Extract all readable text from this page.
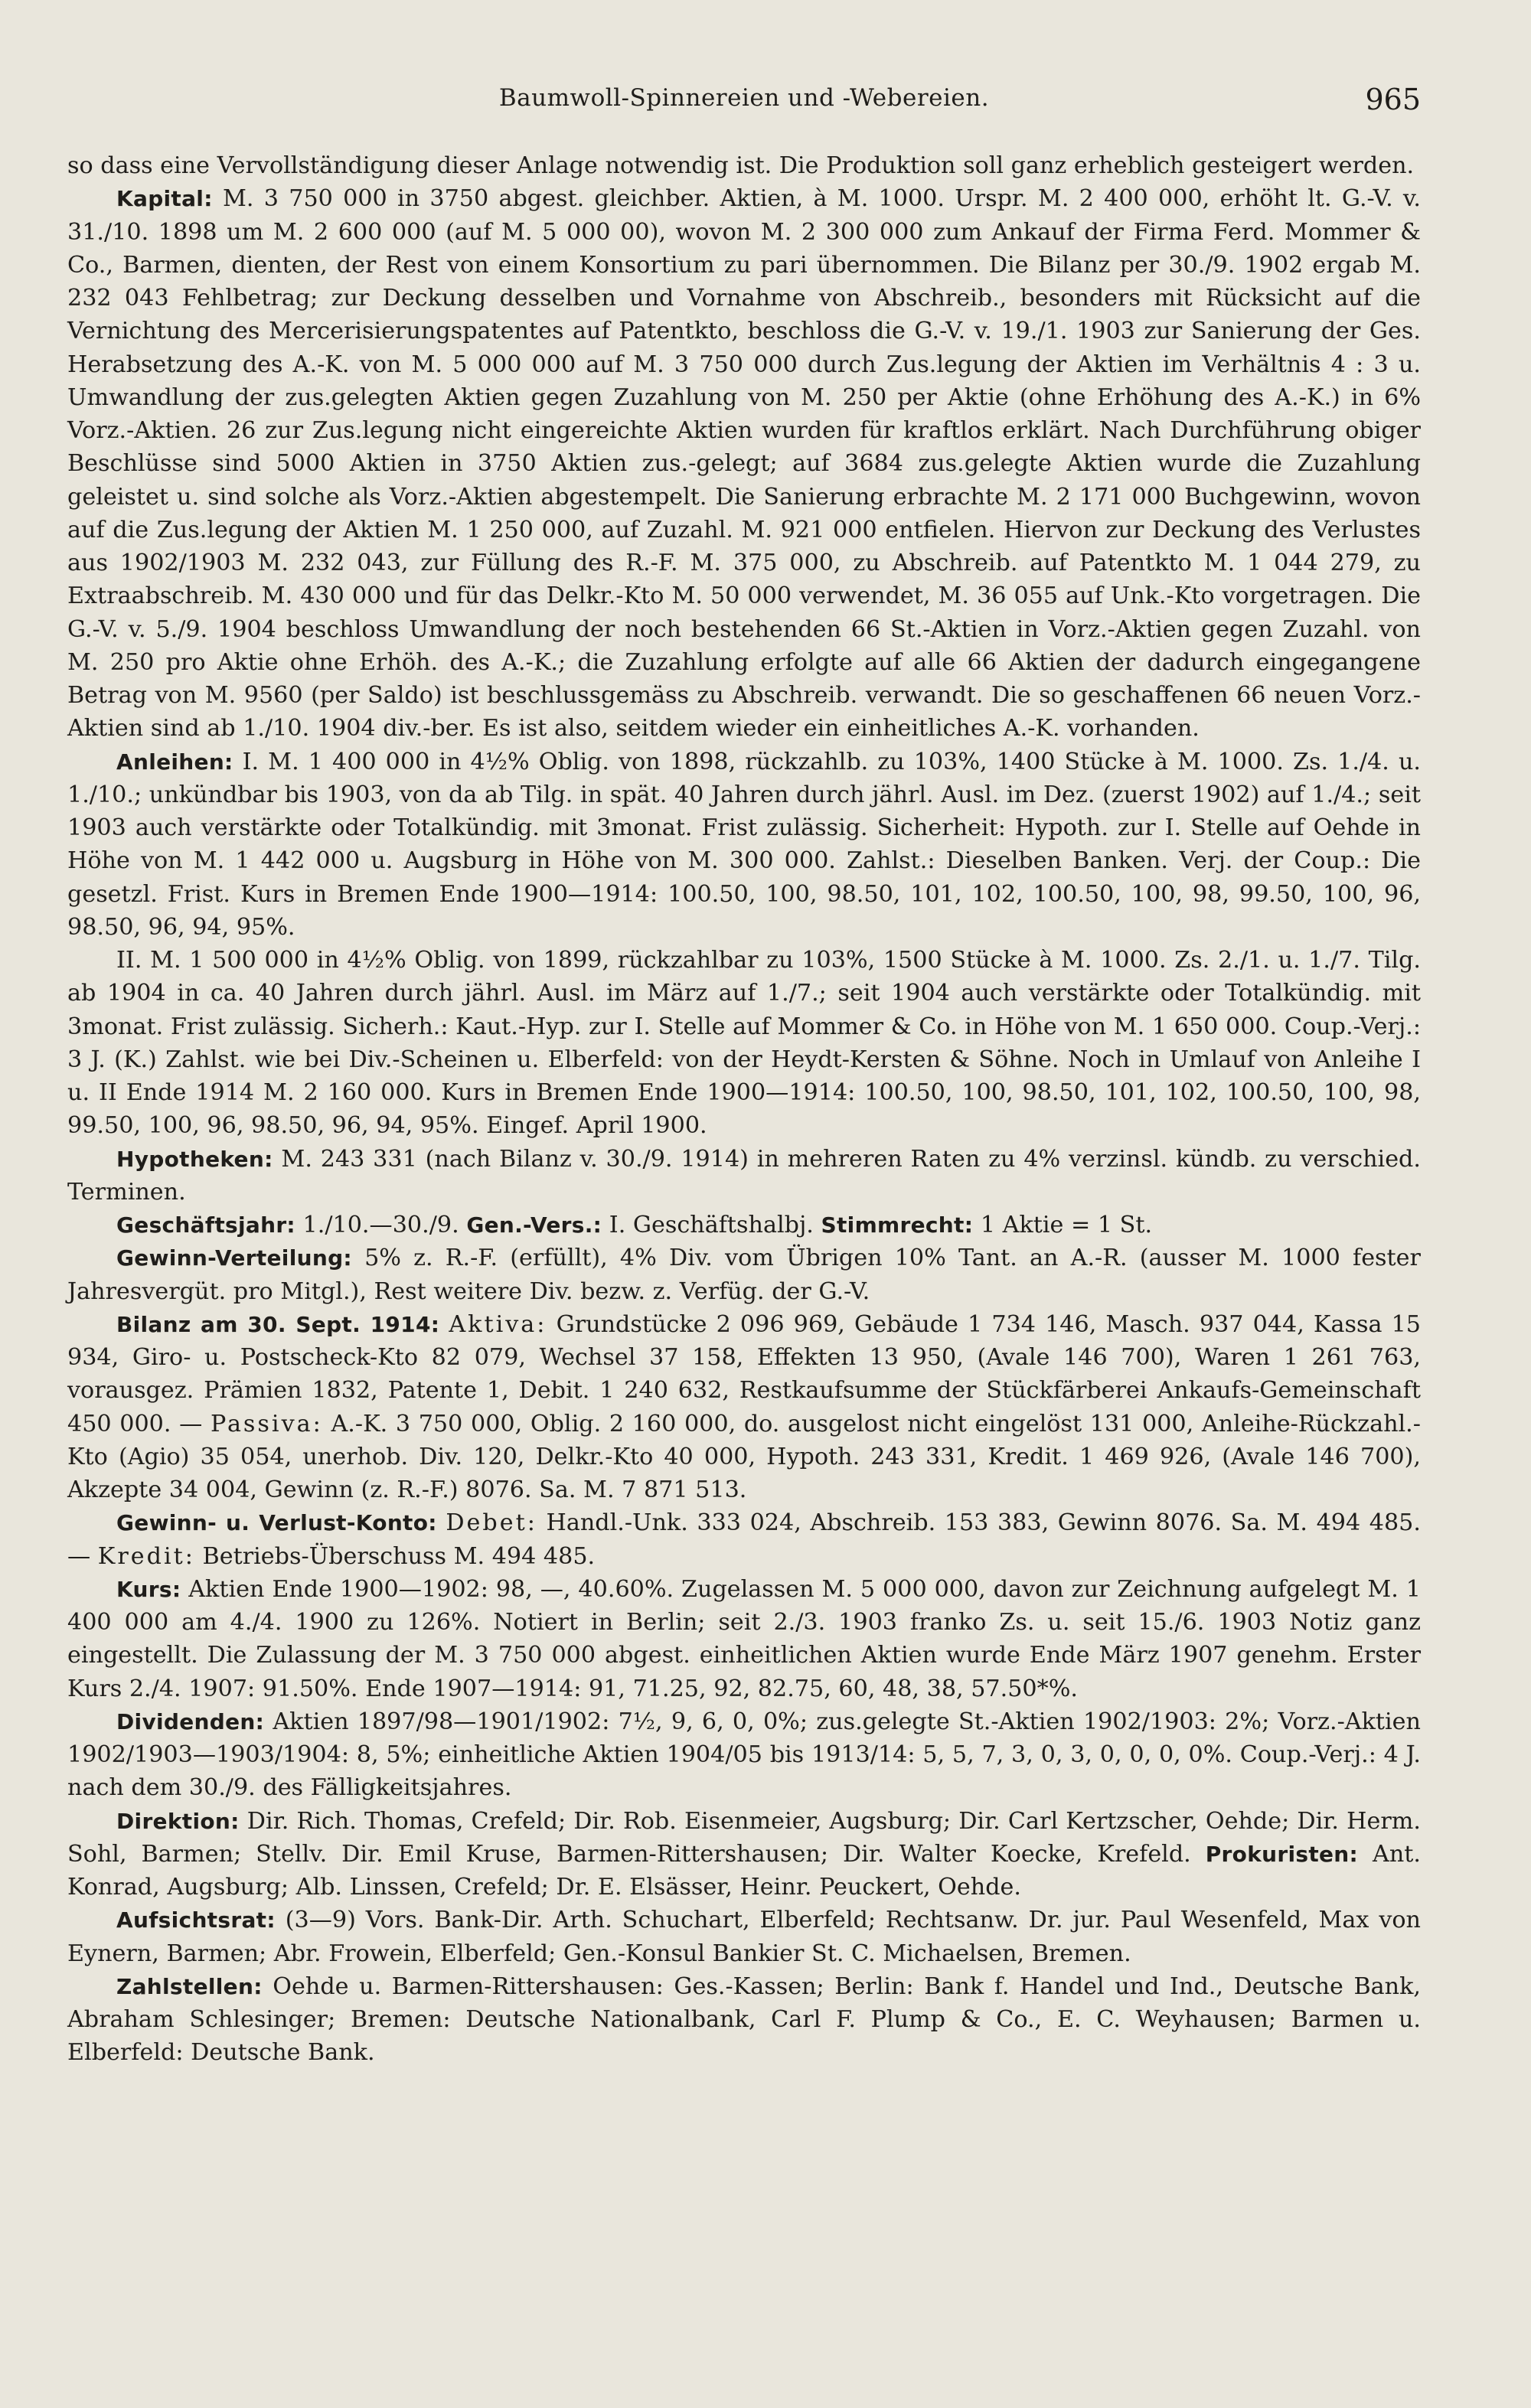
Baumwoll-Spinnereien und -Webereien.	965

so dass eine Vervollständigung dieser Anlage notwendig ist. Die Produktion soll ganz erheblich gesteigert werden.

Kapital: M. 3 750 000 in 3750 abgest. gleichber. Aktien, à M. 1000. Urspr. M. 2 400 000, erhöht lt. G.-V. v. 31./10. 1898 um M. 2 600 000 (auf M. 5 000 00), wovon M. 2 300 000 zum Ankauf der Firma Ferd. Mommer & Co., Barmen, dienten, der Rest von einem Konsortium zu pari übernommen. Die Bilanz per 30./9. 1902 ergab M. 232 043 Fehlbetrag; zur Deckung desselben und Vornahme von Abschreib., besonders mit Rücksicht auf die Vernichtung des Mercerisierungspatentes auf Patentkto, beschloss die G.-V. v. 19./1. 1903 zur Sanierung der Ges. Herabsetzung des A.-K. von M. 5 000 000 auf M. 3 750 000 durch Zus.legung der Aktien im Verhältnis 4 : 3 u. Umwandlung der zus.gelegten Aktien gegen Zuzahlung von M. 250 per Aktie (ohne Erhöhung des A.-K.) in 6% Vorz.-Aktien. 26 zur Zus.legung nicht eingereichte Aktien wurden für kraftlos erklärt. Nach Durchführung obiger Beschlüsse sind 5000 Aktien in 3750 Aktien zus.-gelegt; auf 3684 zus.gelegte Aktien wurde die Zuzahlung geleistet u. sind solche als Vorz.-Aktien abgestempelt. Die Sanierung erbrachte M. 2 171 000 Buchgewinn, wovon auf die Zus.legung der Aktien M. 1 250 000, auf Zuzahl. M. 921 000 entfielen. Hiervon zur Deckung des Verlustes aus 1902/1903 M. 232 043, zur Füllung des R.-F. M. 375 000, zu Abschreib. auf Patentkto M. 1 044 279, zu Extraabschreib. M. 430 000 und für das Delkr.-Kto M. 50 000 verwendet, M. 36 055 auf Unk.-Kto vorgetragen. Die G.-V. v. 5./9. 1904 beschloss Umwandlung der noch bestehenden 66 St.-Aktien in Vorz.-Aktien gegen Zuzahl. von M. 250 pro Aktie ohne Erhöh. des A.-K.; die Zuzahlung erfolgte auf alle 66 Aktien der dadurch eingegangene Betrag von M. 9560 (per Saldo) ist beschlussgemäss zu Abschreib. verwandt. Die so geschaffenen 66 neuen Vorz.-Aktien sind ab 1./10. 1904 div.-ber. Es ist also, seitdem wieder ein einheitliches A.-K. vorhanden.

Anleihen: I. M. 1 400 000 in 4½% Oblig. von 1898, rückzahlb. zu 103%, 1400 Stücke à M. 1000. Zs. 1./4. u. 1./10.; unkündbar bis 1903, von da ab Tilg. in spät. 40 Jahren durch jährl. Ausl. im Dez. (zuerst 1902) auf 1./4.; seit 1903 auch verstärkte oder Totalkündig. mit 3monat. Frist zulässig. Sicherheit: Hypoth. zur I. Stelle auf Oehde in Höhe von M. 1 442 000 u. Augsburg in Höhe von M. 300 000. Zahlst.: Dieselben Banken. Verj. der Coup.: Die gesetzl. Frist. Kurs in Bremen Ende 1900—1914: 100.50, 100, 98.50, 101, 102, 100.50, 100, 98, 99.50, 100, 96, 98.50, 96, 94, 95%.

II. M. 1 500 000 in 4½% Oblig. von 1899, rückzahlbar zu 103%, 1500 Stücke à M. 1000. Zs. 2./1. u. 1./7. Tilg. ab 1904 in ca. 40 Jahren durch jährl. Ausl. im März auf 1./7.; seit 1904 auch verstärkte oder Totalkündig. mit 3monat. Frist zulässig. Sicherh.: Kaut.-Hyp. zur I. Stelle auf Mommer & Co. in Höhe von M. 1 650 000. Coup.-Verj.: 3 J. (K.) Zahlst. wie bei Div.-Scheinen u. Elberfeld: von der Heydt-Kersten & Söhne. Noch in Umlauf von Anleihe I u. II Ende 1914 M. 2 160 000. Kurs in Bremen Ende 1900—1914: 100.50, 100, 98.50, 101, 102, 100.50, 100, 98, 99.50, 100, 96, 98.50, 96, 94, 95%. Eingef. April 1900.

Hypotheken: M. 243 331 (nach Bilanz v. 30./9. 1914) in mehreren Raten zu 4% verzinsl. kündb. zu verschied. Terminen.

Geschäftsjahr: 1./10.—30./9. Gen.-Vers.: I. Geschäftshalbj. Stimmrecht: 1 Aktie = 1 St.

Gewinn-Verteilung: 5% z. R.-F. (erfüllt), 4% Div. vom Übrigen 10% Tant. an A.-R. (ausser M. 1000 fester Jahresvergüt. pro Mitgl.), Rest weitere Div. bezw. z. Verfüg. der G.-V.

Bilanz am 30. Sept. 1914: Aktiva: Grundstücke 2 096 969, Gebäude 1 734 146, Masch. 937 044, Kassa 15 934, Giro- u. Postscheck-Kto 82 079, Wechsel 37 158, Effekten 13 950, (Avale 146 700), Waren 1 261 763, vorausgez. Prämien 1832, Patente 1, Debit. 1 240 632, Restkaufsumme der Stückfärberei Ankaufs-Gemeinschaft 450 000. — Passiva: A.-K. 3 750 000, Oblig. 2 160 000, do. ausgelost nicht eingelöst 131 000, Anleihe-Rückzahl.-Kto (Agio) 35 054, unerhob. Div. 120, Delkr.-Kto 40 000, Hypoth. 243 331, Kredit. 1 469 926, (Avale 146 700), Akzepte 34 004, Gewinn (z. R.-F.) 8076. Sa. M. 7 871 513.

Gewinn- u. Verlust-Konto: Debet: Handl.-Unk. 333 024, Abschreib. 153 383, Gewinn 8076. Sa. M. 494 485. — Kredit: Betriebs-Überschuss M. 494 485.

Kurs: Aktien Ende 1900—1902: 98, —, 40.60%. Zugelassen M. 5 000 000, davon zur Zeichnung aufgelegt M. 1 400 000 am 4./4. 1900 zu 126%. Notiert in Berlin; seit 2./3. 1903 franko Zs. u. seit 15./6. 1903 Notiz ganz eingestellt. Die Zulassung der M. 3 750 000 abgest. einheitlichen Aktien wurde Ende März 1907 genehm. Erster Kurs 2./4. 1907: 91.50%. Ende 1907—1914: 91, 71.25, 92, 82.75, 60, 48, 38, 57.50*%.

Dividenden: Aktien 1897/98—1901/1902: 7½, 9, 6, 0, 0%; zus.gelegte St.-Aktien 1902/1903: 2%; Vorz.-Aktien 1902/1903—1903/1904: 8, 5%; einheitliche Aktien 1904/05 bis 1913/14: 5, 5, 7, 3, 0, 3, 0, 0, 0, 0%. Coup.-Verj.: 4 J. nach dem 30./9. des Fälligkeitsjahres.

Direktion: Dir. Rich. Thomas, Crefeld; Dir. Rob. Eisenmeier, Augsburg; Dir. Carl Kertzscher, Oehde; Dir. Herm. Sohl, Barmen; Stellv. Dir. Emil Kruse, Barmen-Rittershausen; Dir. Walter Koecke, Krefeld. Prokuristen: Ant. Konrad, Augsburg; Alb. Linssen, Crefeld; Dr. E. Elsässer, Heinr. Peuckert, Oehde.

Aufsichtsrat: (3—9) Vors. Bank-Dir. Arth. Schuchart, Elberfeld; Rechtsanw. Dr. jur. Paul Wesenfeld, Max von Eynern, Barmen; Abr. Frowein, Elberfeld; Gen.-Konsul Bankier St. C. Michaelsen, Bremen.

Zahlstellen: Oehde u. Barmen-Rittershausen: Ges.-Kassen; Berlin: Bank f. Handel und Ind., Deutsche Bank, Abraham Schlesinger; Bremen: Deutsche Nationalbank, Carl F. Plump & Co., E. C. Weyhausen; Barmen u. Elberfeld: Deutsche Bank.
